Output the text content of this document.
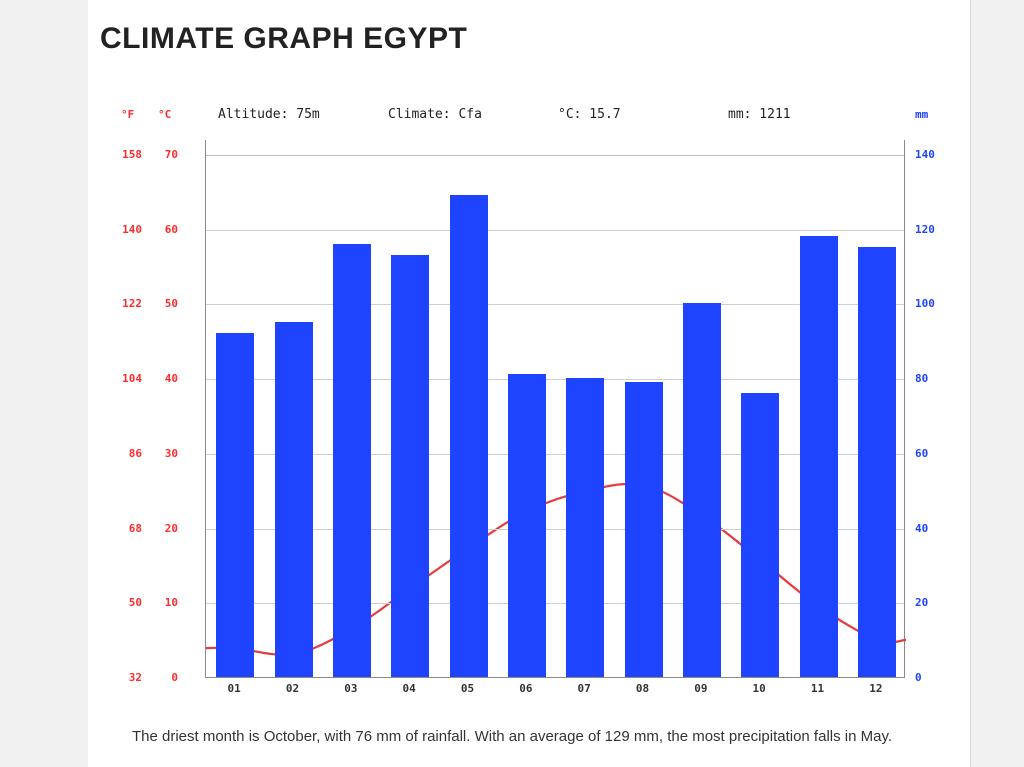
CLIMATE GRAPH EGYPT
Altitude: 75m	Climate: Cfa	°C: 15.7	mm: 1211
°F °C	mm
0
32
10
50
20
68
30
86
40
104
50
122
60
140
70
158
0
20
40
60
80
100
120
140
01	02	03	04	05	06	07	08	09	10	11	12
The driest month is October, with 76 mm of rainfall. With an average of 129 mm, the most precipitation falls in May.
